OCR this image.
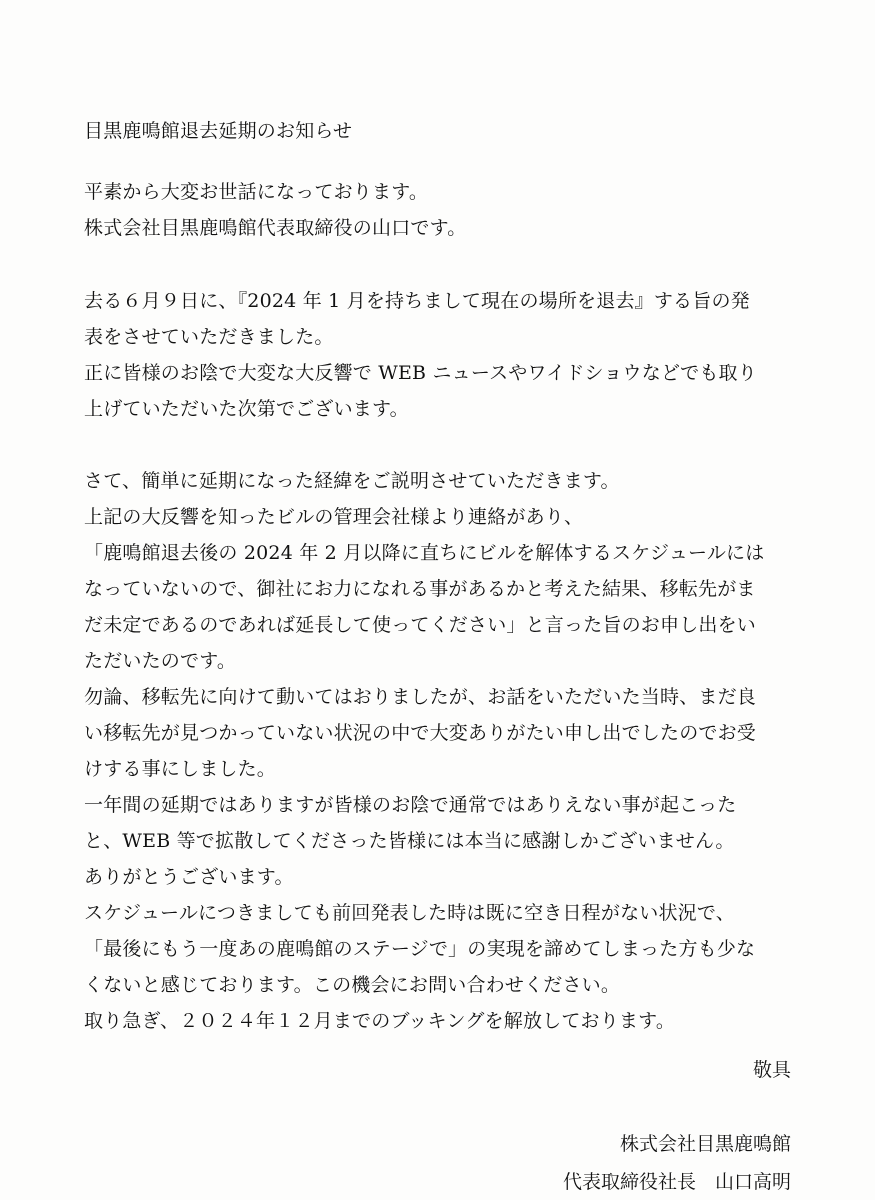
目黒鹿鳴館退去延期のお知らせ
平素から大変お世話になっております。
株式会社目黒鹿鳴館代表取締役の山口です。
去る６月９日に、『2024 年 1 月を持ちまして現在の場所を退去』する旨の発
表をさせていただきました。
正に皆様のお陰で大変な大反響で WEB ニュースやワイドショウなどでも取り
上げていただいた次第でございます。
さて、簡単に延期になった経緯をご説明させていただきます。
上記の大反響を知ったビルの管理会社様より連絡があり、
「鹿鳴館退去後の 2024 年 2 月以降に直ちにビルを解体するスケジュールには
なっていないので、御社にお力になれる事があるかと考えた結果、移転先がま
だ未定であるのであれば延長して使ってください」と言った旨のお申し出をい
ただいたのです。
勿論、移転先に向けて動いてはおりましたが、お話をいただいた当時、まだ良
い移転先が見つかっていない状況の中で大変ありがたい申し出でしたのでお受
けする事にしました。
一年間の延期ではありますが皆様のお陰で通常ではありえない事が起こった
と、WEB 等で拡散してくださった皆様には本当に感謝しかございません。
ありがとうございます。
スケジュールにつきましても前回発表した時は既に空き日程がない状況で、
「最後にもう一度あの鹿鳴館のステージで」の実現を諦めてしまった方も少な
くないと感じております。この機会にお問い合わせください。
取り急ぎ、２０２４年１２月までのブッキングを解放しております。
敬具
株式会社目黒鹿鳴館
代表取締役社長　山口高明
